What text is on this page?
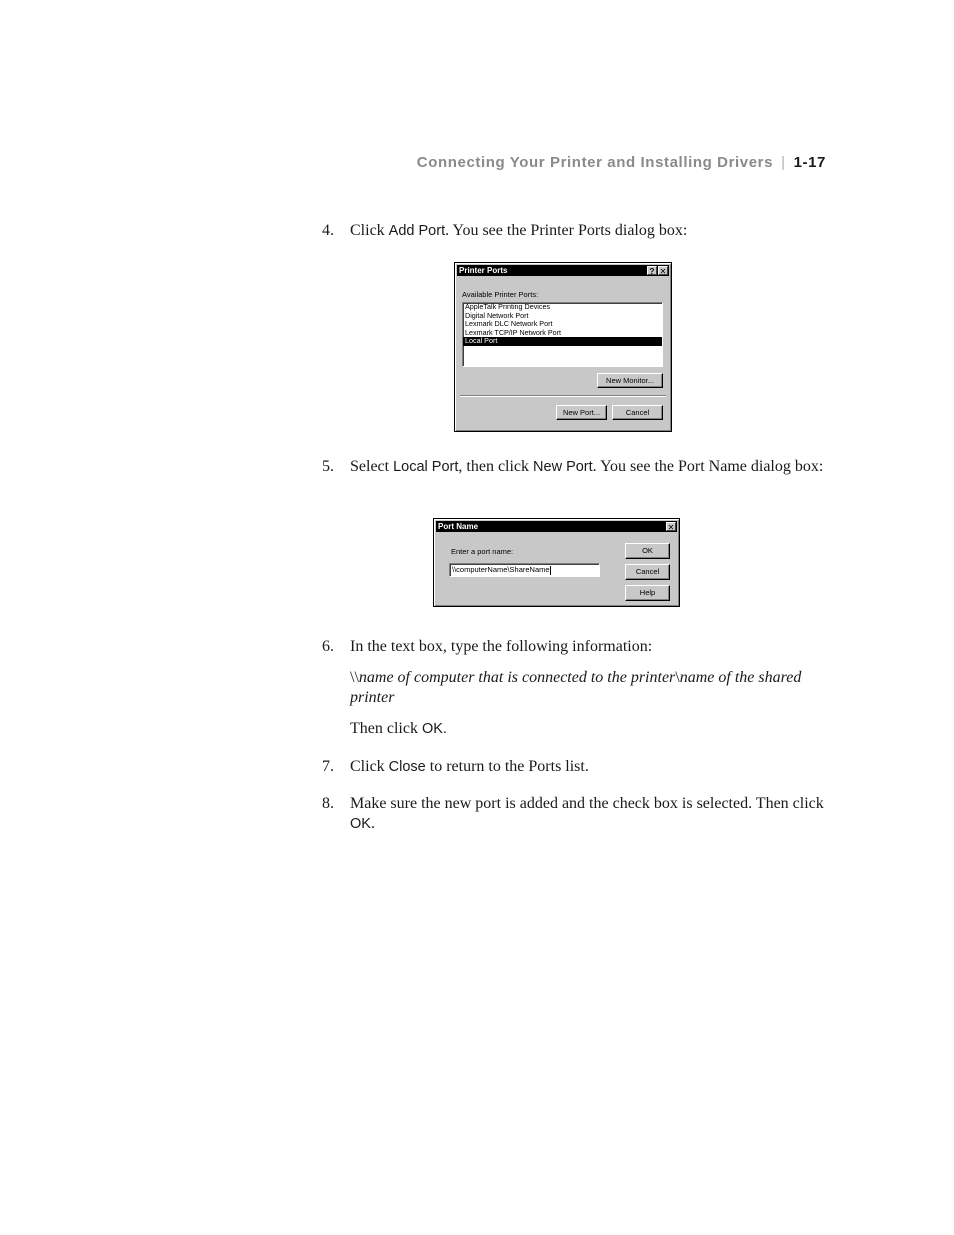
Connecting Your Printer and Installing Drivers | 1-17
4. Click Add Port. You see the Printer Ports dialog box:
Printer Ports	? ✕
Available Printer Ports:
AppleTalk Printing Devices
Digital Network Port
Lexmark DLC Network Port
Lexmark TCP/IP Network Port
Local Port
New Monitor...
New Port...	Cancel
5. Select Local Port, then click New Port. You see the Port Name dialog box:
Port Name	✕
Enter a port name:
\\computerName\ShareName
OK
Cancel
Help
6. In the text box, type the following information:
\\name of computer that is connected to the printer\name of the shared printer
Then click OK.
7. Click Close to return to the Ports list.
8. Make sure the new port is added and the check box is selected. Then click OK.
